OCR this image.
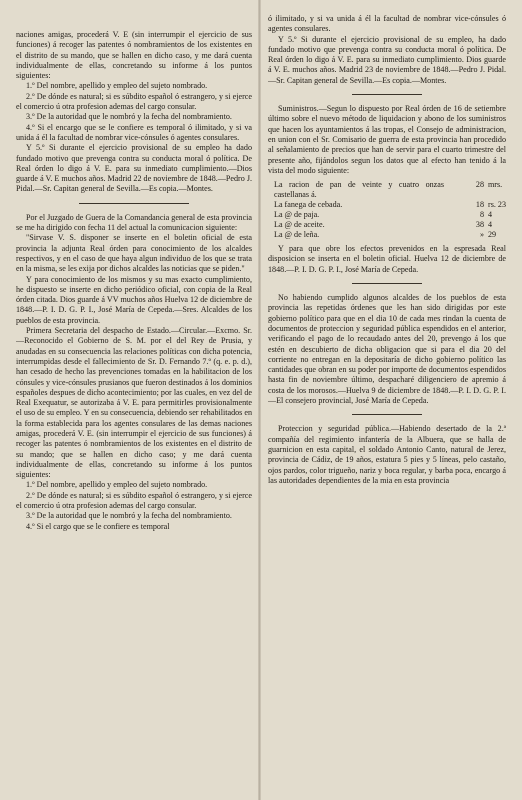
naciones amigas, procederá V. E (sin interrumpir el ejercicio de sus funciones) á recoger las patentes ó nombramientos de los existentes en el distrito de su mando, que se hallen en dicho caso, y me dará cuenta individualmente de ellas, concretando su informe á los puntos siguientes:

1.º Del nombre, apellido y empleo del sujeto nombrado.

2.º De dónde es natural; si es súbdito español ó estrangero, y si ejerce el comercio ú otra profesion ademas del cargo consular.

3.º De la autoridad que le nombró y la fecha del nombramiento.

4.º Si el encargo que se le confiere es temporal ó ilimitado, y si va unida á él la facultad de nombrar vice-cónsules ó agentes consulares.

Y 5.º Si durante el ejercicio provisional de su empleo ha dado fundado motivo que prevenga contra su conducta moral ó política. De Real órden lo digo á V. E. para su inmediato cumplimiento.—Dios guarde á V. E muchos años. Madrid 22 de noviembre de 1848.—Pedro J. Pidal.—Sr. Capitan general de Sevilla.—Es copia.—Montes.

Por el Juzgado de Guera de la Comandancia general de esta provincia se me ha dirigido con fecha 11 del actual la comunicacion siguiente:

"Sirvase V. S. disponer se inserte en el boletin oficial de esta provincia la adjunta Real órden para conocimiento de los alcaldes respectivos, y en el caso de que haya algun individuo de los que se trata en la misma, se les exija por dichos alcaldes las noticias que se piden."

Y para conocimiento de los mismos y su mas exacto cumplimiento, he dispuesto se inserte en dicho periódico oficial, con copia de la Real órden citada. Dios guarde á VV muchos años Huelva 12 de diciembre de 1848.—P. I. D. G. P. I., José María de Cepeda.—Sres. Alcaldes de los pueblos de esta provincia.

Primera Secretaria del despacho de Estado.—Circular.—Excmo. Sr.—Reconocido el Gobierno de S. M. por el del Rey de Prusia, y anudadas en su consecuencia las relaciones políticas con dicha potencia, interrumpidas desde el fallecimiento de Sr. D. Fernando 7.º (q. e. p. d.), han cesado de hecho las prevenciones tomadas en la habilitacion de los cónsules y vice-cónsules prusianos que fueron destinados á los dominios españoles despues de dicho acontecimiento; por las cuales, en vez del de Real Exequatur, se autorizaba á V. E. para permitirles provisionalmente el uso de su empleo. Y en su consecuencia, debiendo ser rehabilitados en la forma establecida para los agentes consulares de las demas naciones amigas, procederá V. E. (sin interrumpir el ejercicio de sus funciones) á recoger las patentes ó nombramientos de los existentes en el distrito de su mando; que se hallen en dicho caso; y me dará cuenta individualmente de ellas, concretando su informe á los puntos siguientes:

1.º Del nombre, apellido y empleo del sujeto nombrado.

2.º De dónde es natural; si es súbdito español ó estrangero, y si ejerce el comercio ú otra profesion ademas del cargo consular.

3.º De la autoridad que le nombró y la fecha del nombramiento.

4.º Si el cargo que se le confiere es temporal

ó ilimitado, y si va unida á él la facultad de nombrar vice-cónsules ó agentes consulares.

Y 5.º Si durante el ejercicio provisional de su empleo, ha dado fundado motivo que prevenga contra su conducta moral ó política. De Real órden lo digo á V. E. para su inmediato cumplimiento. Dios guarde á V. E. muchos años. Madrid 23 de noviembre de 1848.—Pedro J. Pidal.—Sr. Capitan general de Sevilla.—Es copia.—Montes.

Suministros.—Segun lo dispuesto por Real órden de 16 de setiembre último sobre el nuevo método de liquidacion y abono de los suministros que hacen los ayuntamientos á las tropas, el Consejo de administracion, en union con el Sr. Comisario de guerra de esta provincia han procedido al señalamiento de precios que han de servir para el cuarto trimestre del presente año, fijándolos segun los datos que al efecto han tenido á la vista del modo siguiente:

La racion de pan de veinte y cuatro onzas castellanas á.
28 mrs.
La fanega de cebada.	18 rs. 23
La @ de paja.	8 4
La @ de aceite.	38 4
La @ de leña.	» 29

Y para que obre los efectos prevenidos en la espresada Real disposicion se inserta en el boletin oficial. Huelva 12 de diciembre de 1848.—P. I. D. G. P. I., José María de Cepeda.

No habiendo cumplido algunos alcaldes de los pueblos de esta provincia las repetidas órdenes que les han sido dirigidas por este gobierno político para que en el dia 10 de cada mes rindan la cuenta de documentos de proteccion y seguridad pública espendidos en el anterior, verificando el pago de lo recaudado antes del 20, prevengo á los que estén en descubierto de dicha obligacion que si para el dia 20 del corriente no entregan en la depositaría de dicho gobierno político las cantidades que obran en su poder por importe de documentos espendidos hasta fin de noviembre último, despacharé diligenciero de apremio á costa de los morosos.—Huelva 9 de diciembre de 1848.—P. I. D. G. P. I.—El consejero provincial, José María de Cepeda.

Proteccion y seguridad pública.—Habiendo desertado de la 2.ª compañía del regimiento infantería de la Albuera, que se halla de guarnicion en esta capital, el soldado Antonio Canto, natural de Jerez, provincia de Cádiz, de 19 años, estatura 5 pies y 5 líneas, pelo castaño, ojos pardos, color trigueño, nariz y boca regular, y barba poca, encargo á las autoridades dependientes de la mia en esta provincia
